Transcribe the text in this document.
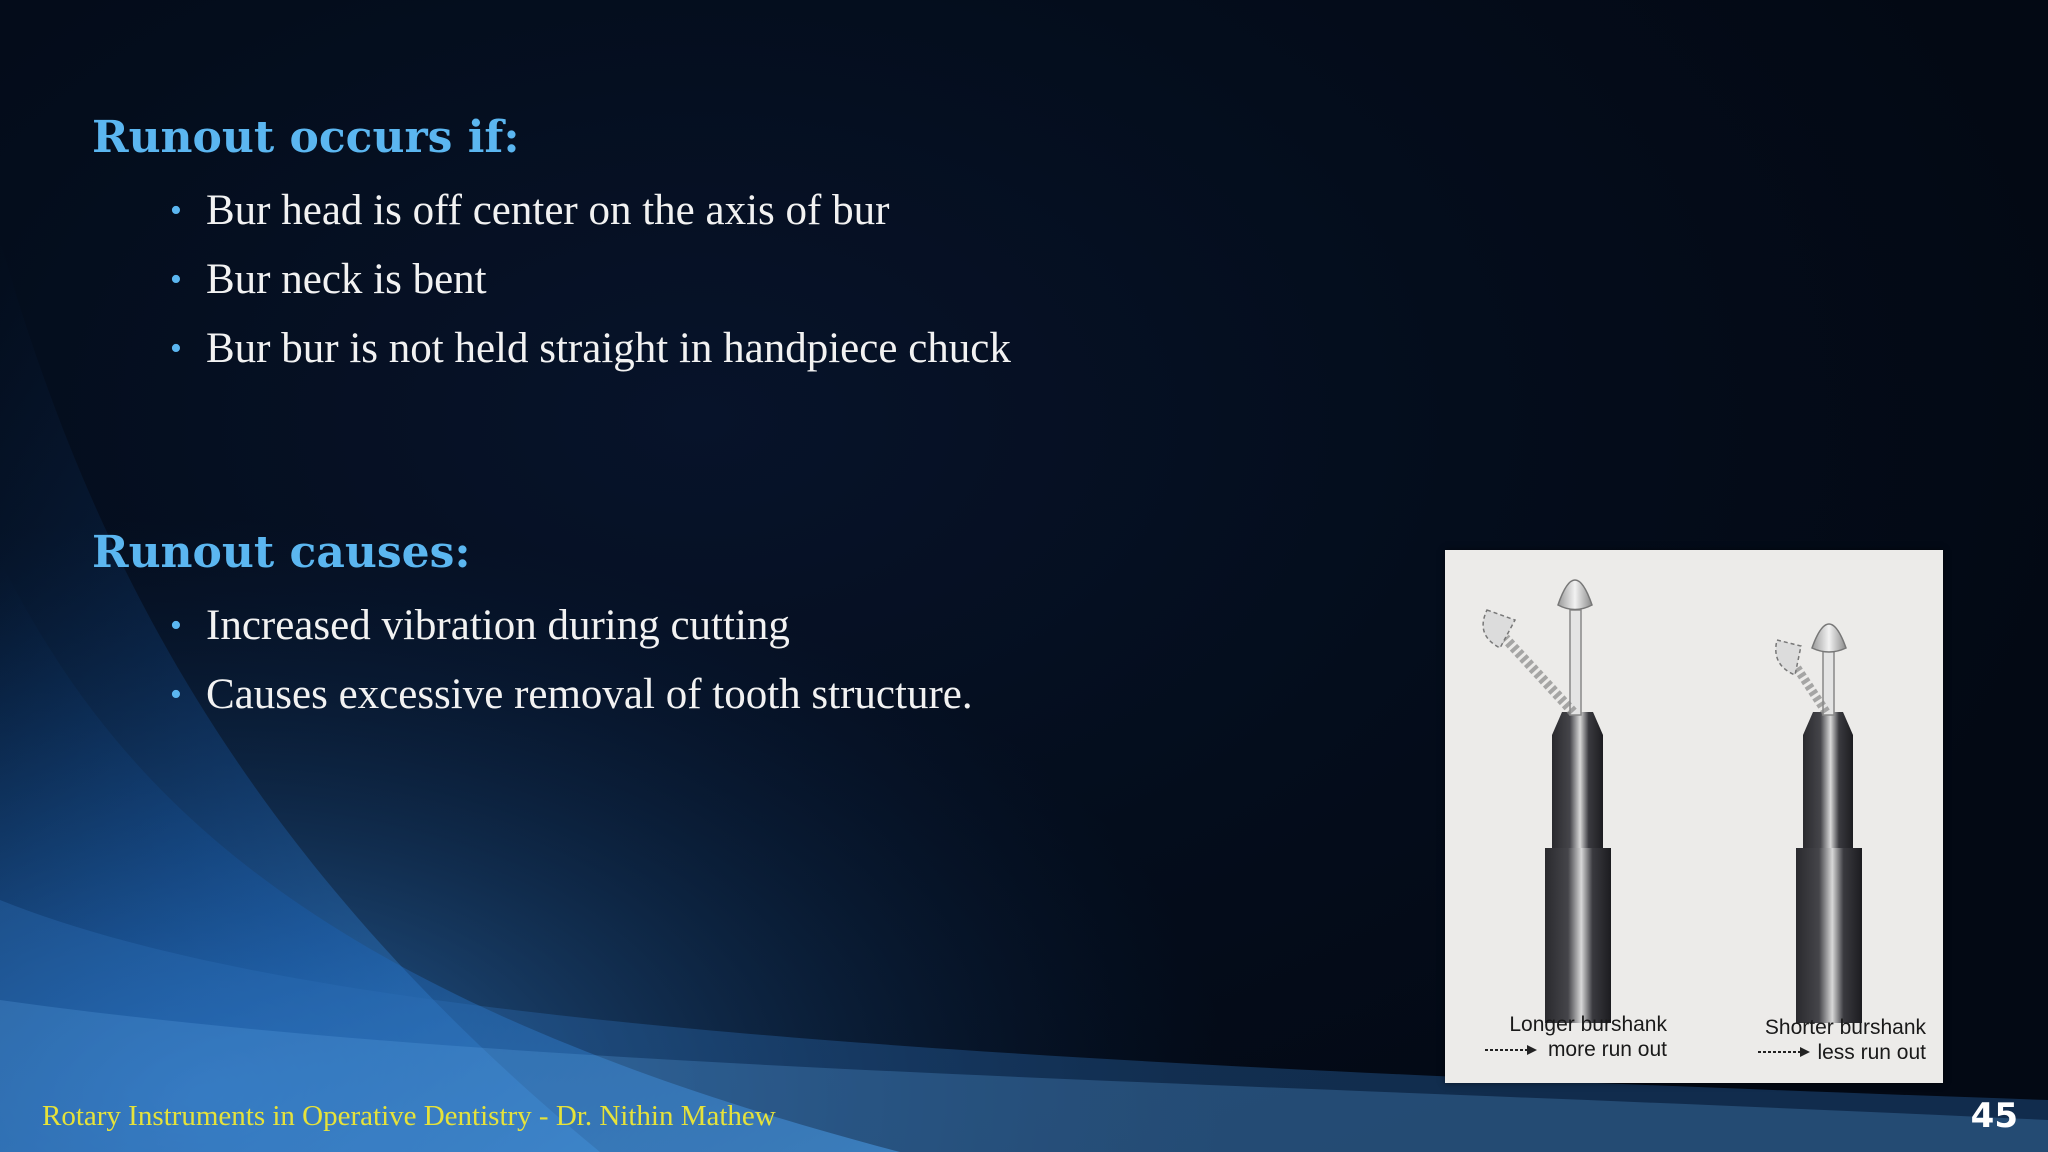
Runout occurs if:
• Bur head is off center on the axis of bur
• Bur neck is bent
• Bur bur is not held straight in handpiece chuck
Runout causes:
• Increased vibration during cutting
• Causes excessive removal of tooth structure.
Longer burshank
more run out
Shorter burshank
less run out
Rotary Instruments in Operative Dentistry - Dr. Nithin Mathew	45
